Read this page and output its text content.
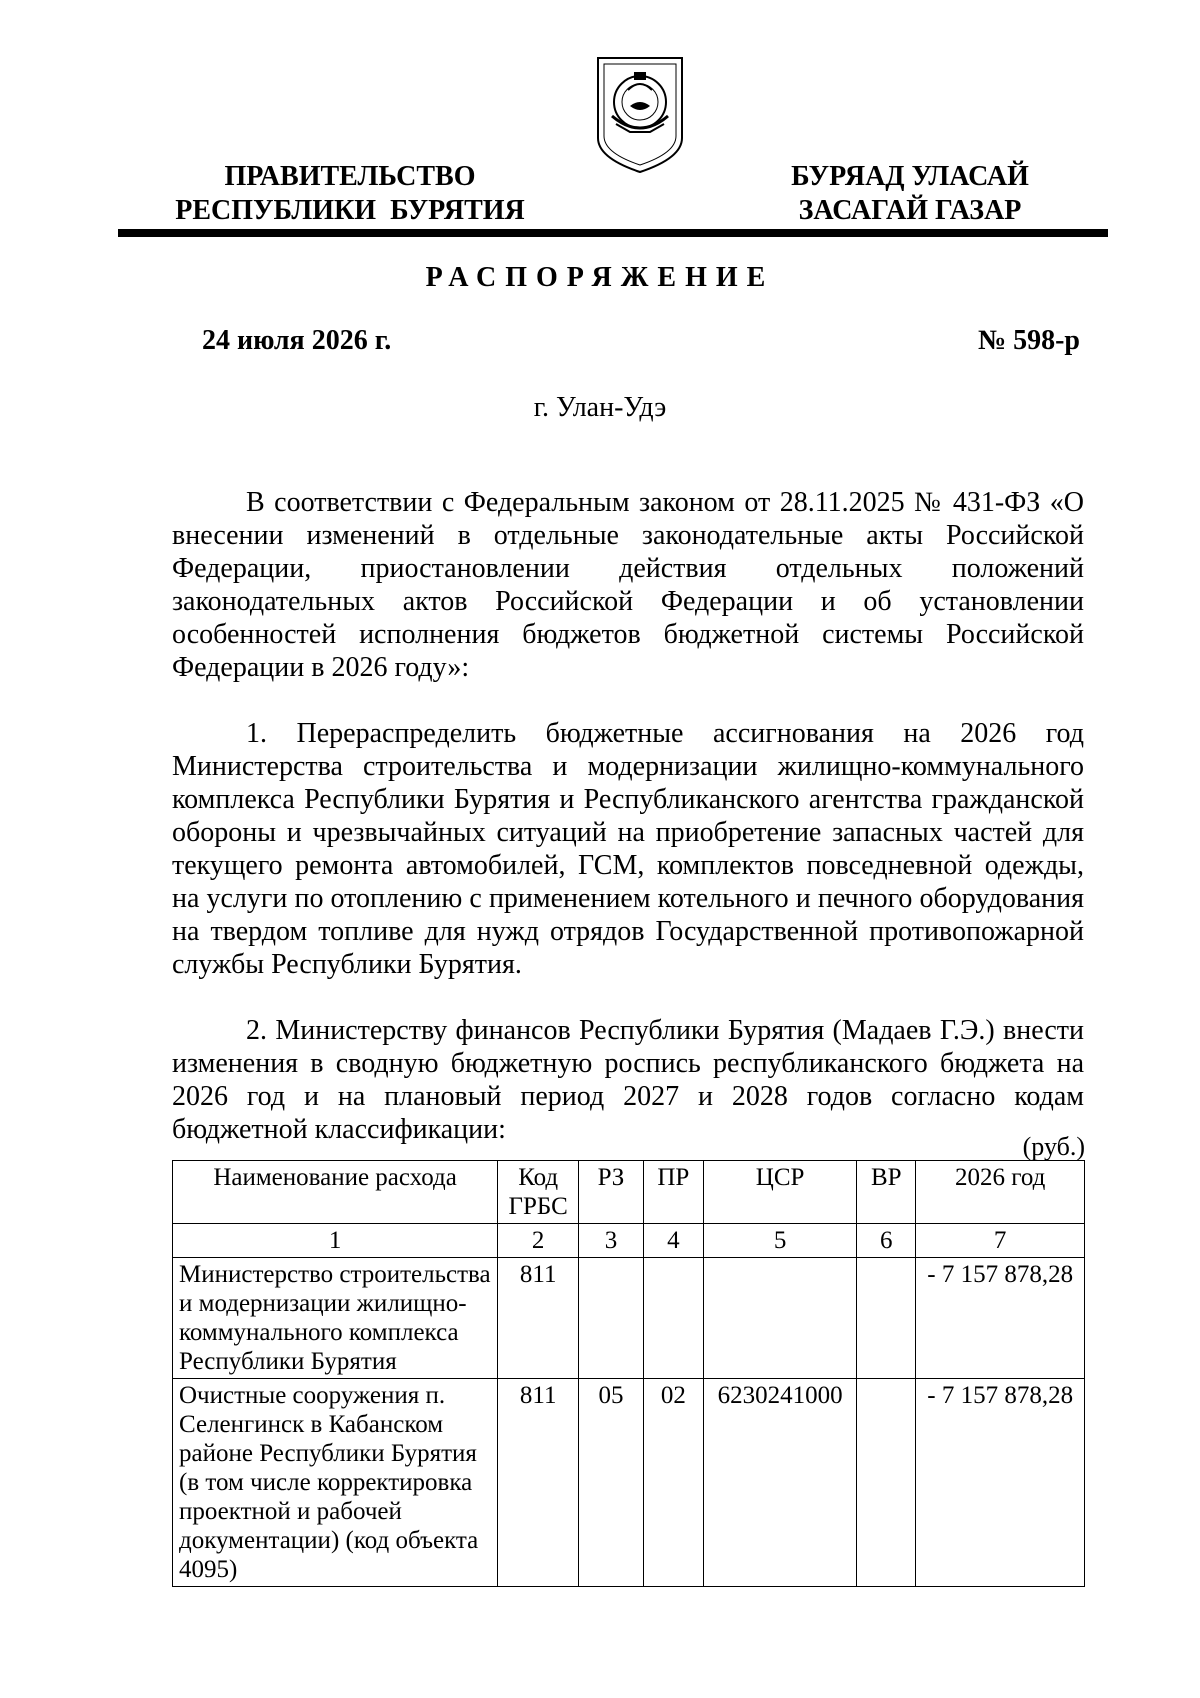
ПРАВИТЕЛЬСТВО
РЕСПУБЛИКИ  БУРЯТИЯ
БУРЯАД УЛАСАЙ
ЗАСАГАЙ ГАЗАР
РАСПОРЯЖЕНИЕ
24 июля 2026 г.	№ 598-р
г. Улан-Удэ

В соответствии с Федеральным законом от 28.11.2025 № 431-ФЗ «О внесении изменений в отдельные законодательные акты Российской Федерации, приостановлении действия отдельных положений законодательных актов Российской Федерации и об установлении особенностей исполнения бюджетов бюджетной системы Российской Федерации в 2026 году»:

1. Перераспределить бюджетные ассигнования на 2026 год Министерства строительства и модернизации жилищно-коммунального комплекса Республики Бурятия и Республиканского агентства гражданской обороны и чрезвычайных ситуаций на приобретение запасных частей для текущего ремонта автомобилей, ГСМ, комплектов повседневной одежды, на услуги по отоплению с применением котельного и печного оборудования на твердом топливе для нужд отрядов Государственной противопожарной службы Республики Бурятия.

2. Министерству финансов Республики Бурятия (Мадаев Г.Э.) внести изменения в сводную бюджетную роспись республиканского бюджета на 2026 год и на плановый период 2027 и 2028 годов согласно кодам бюджетной классификации:

(руб.)
Наименование расхода	Код ГРБС	РЗ	ПР	ЦСР	ВР	2026 год
1	2	3	4	5	6	7
Министерство строительства и модернизации жилищно-коммунального комплекса Республики Бурятия	811					- 7 157 878,28
Очистные сооружения п. Селенгинск в Кабанском районе Республики Бурятия (в том числе корректировка проектной и рабочей документации) (код объекта 4095)	811	05	02	6230241000		- 7 157 878,28
